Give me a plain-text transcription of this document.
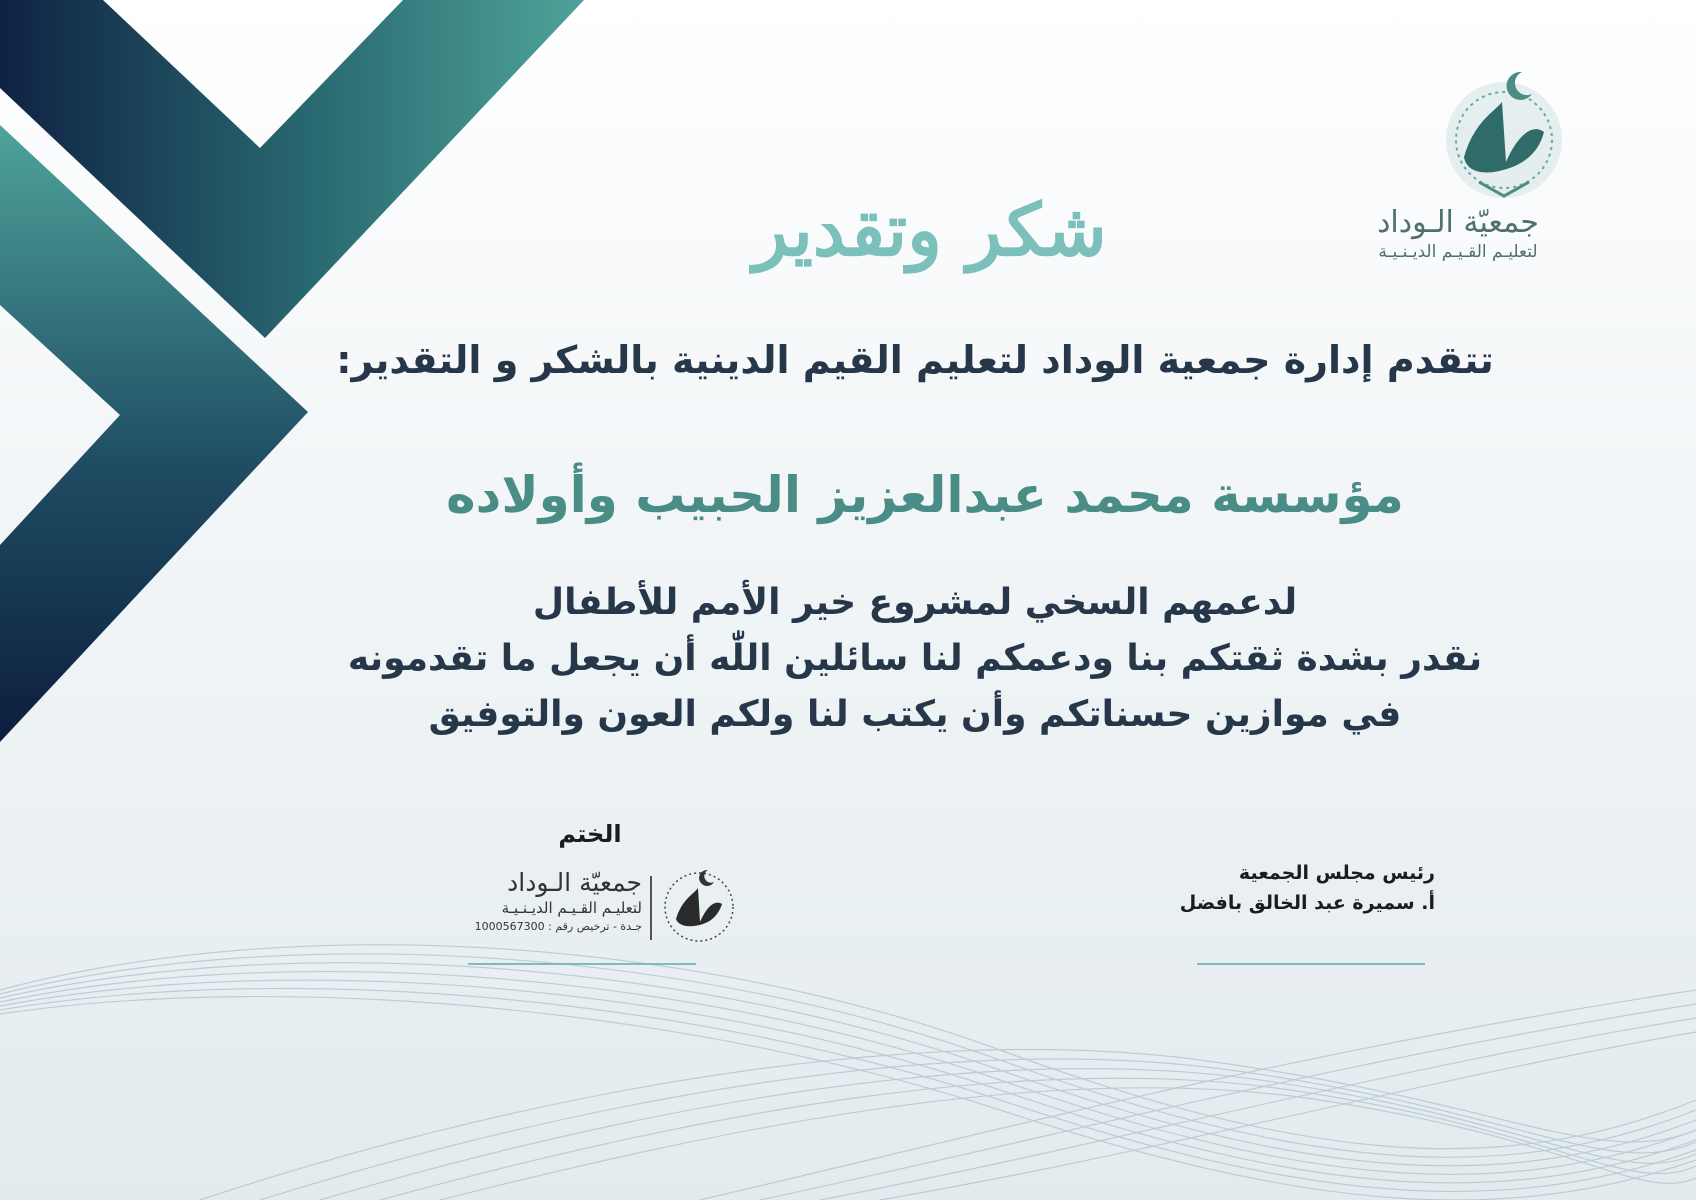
جمعيّة الـوداد
لتعليـم القـيـم الديـنـيـة
شكر وتقدير
تتقدم إدارة جمعية الوداد لتعليم القيم الدينية بالشكر و التقدير:
مؤسسة محمد عبدالعزيز الحبيب وأولاده
لدعمهم السخي لمشروع خير الأمم للأطفال
نقدر بشدة ثقتكم بنا ودعمكم لنا سائلين اللّٰه أن يجعل ما تقدمونه
في موازين حسناتكم وأن يكتب لنا ولكم العون والتوفيق
الختم
جمعيّة الـوداد
لتعليـم القـيـم الديـنـيـة
جـدة - ترخيص رقم : 1000567300
رئيس مجلس الجمعية
أ. سميرة عبد الخالق بافضل
